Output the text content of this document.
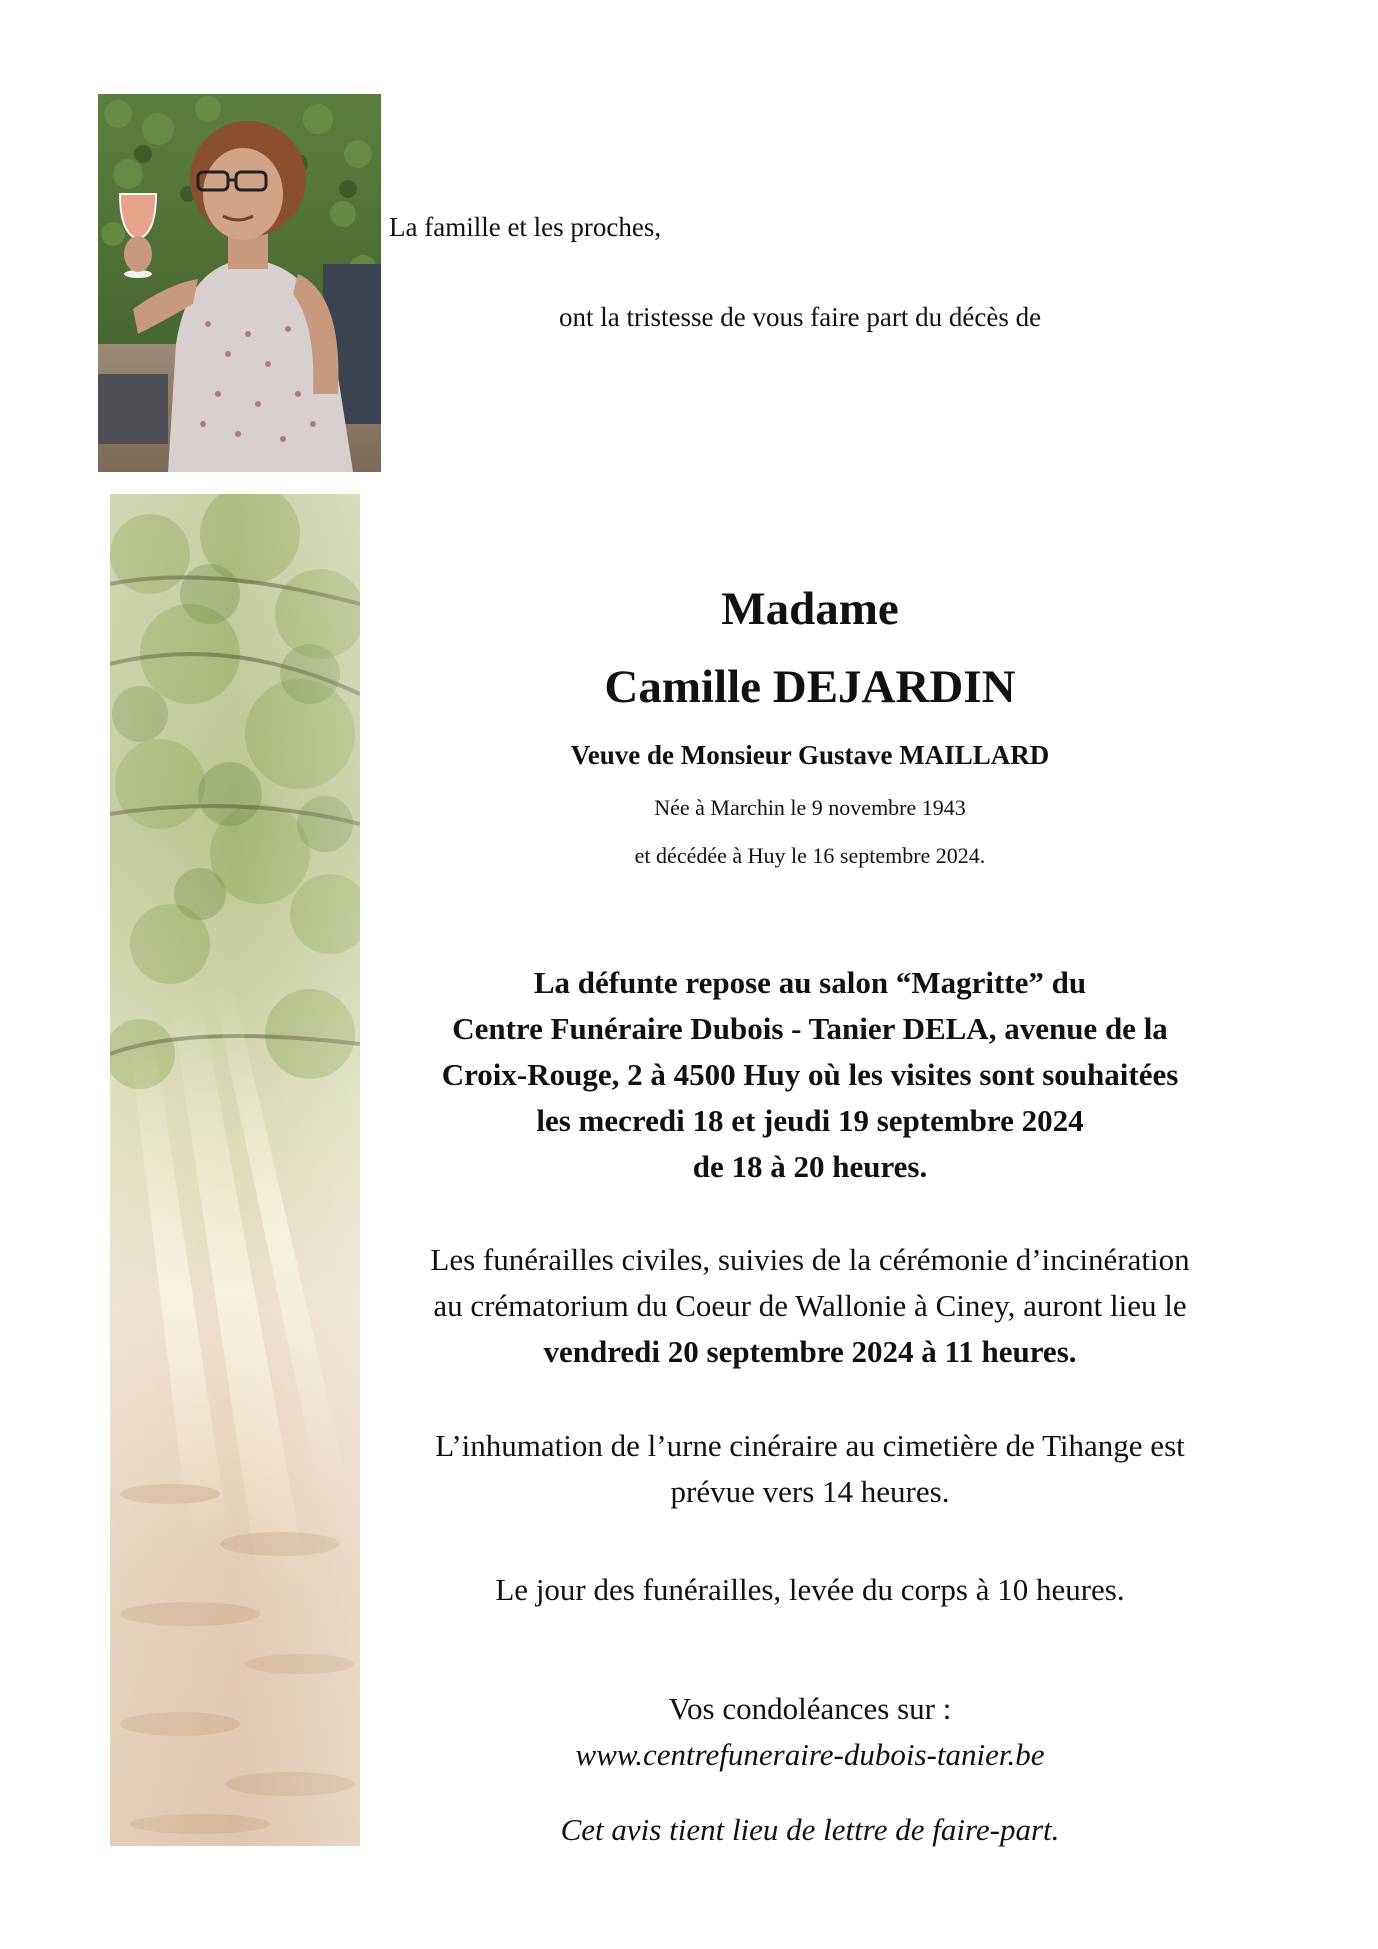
La famille et les proches,
ont la tristesse de vous faire part du décès de
Madame
Camille DEJARDIN
Veuve de Monsieur Gustave MAILLARD
Née à Marchin le 9 novembre 1943
et décédée à Huy le 16 septembre 2024.
La défunte repose au salon “Magritte” du
Centre Funéraire Dubois - Tanier DELA, avenue de la
Croix-Rouge, 2 à 4500 Huy où les visites sont souhaitées
les mecredi 18 et jeudi 19 septembre 2024
de 18 à 20 heures.
Les funérailles civiles, suivies de la cérémonie d’incinération
au crématorium du Coeur de Wallonie à Ciney, auront lieu le
vendredi 20 septembre 2024 à 11 heures.
L’inhumation de l’urne cinéraire au cimetière de Tihange est
prévue vers 14 heures.
Le jour des funérailles, levée du corps à 10 heures.
Vos condoléances sur :
www.centrefuneraire-dubois-tanier.be
Cet avis tient lieu de lettre de faire-part.
